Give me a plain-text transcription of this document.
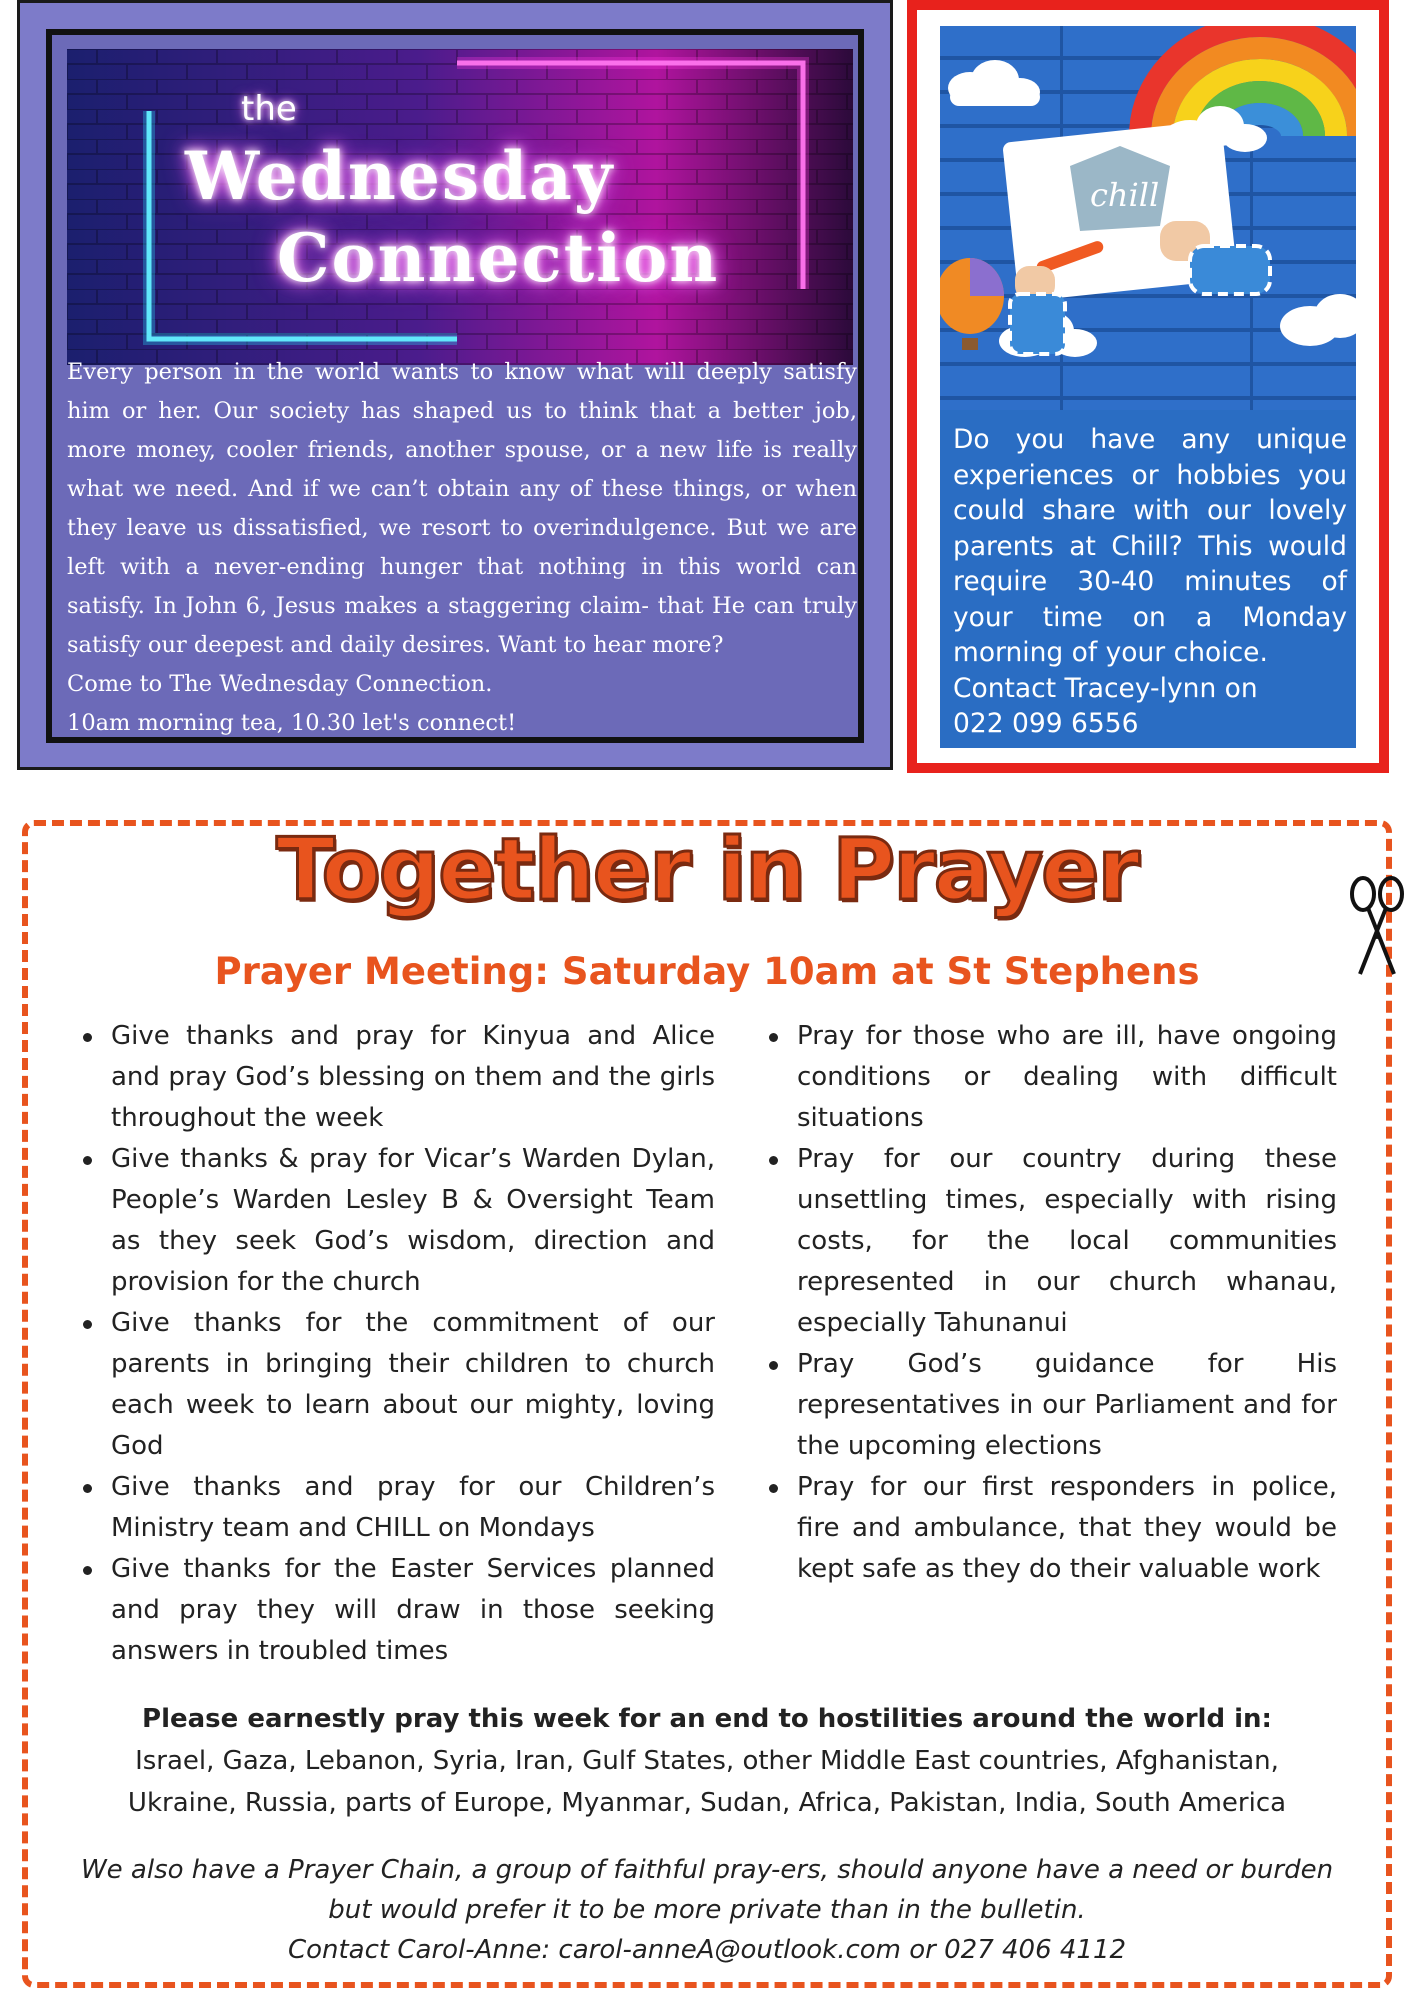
the
Wednesday
Connection

Every person in the world wants to know what will deeply satisfy him or her. Our society has shaped us to think that a better job, more money, cooler friends, another spouse, or a new life is really what we need. And if we can’t obtain any of these things, or when they leave us dissatisfied, we resort to overindulgence. But we are left with a never-ending hunger that nothing in this world can satisfy. In John 6, Jesus makes a staggering claim- that He can truly satisfy our deepest and daily desires. Want to hear more?

Come to The Wednesday Connection.

10am morning tea, 10.30 let's connect!

chill

Do you have any unique experiences or hobbies you could share with our lovely parents at Chill? This would require 30-40 minutes of your time on a Monday morning of your choice.

Contact Tracey-lynn on

022 099 6556

Together in Prayer
Prayer Meeting: Saturday 10am at St Stephens
Give thanks and pray for Kinyua and Alice and pray God’s blessing on them and the girls throughout the week
Give thanks & pray for Vicar’s Warden Dylan, People’s Warden Lesley B & Oversight Team as they seek God’s wisdom, direction and provision for the church
Give thanks for the commitment of our parents in bringing their children to church each week to learn about our mighty, loving God
Give thanks and pray for our Children’s Ministry team and CHILL on Mondays
Give thanks for the Easter Services planned and pray they will draw in those seeking answers in troubled times
Pray for those who are ill, have ongoing conditions or dealing with difficult situations
Pray for our country during these unsettling times, especially with rising costs, for the local communities represented in our church whanau, especially Tahunanui
Pray God’s guidance for His representatives in our Parliament and for the upcoming elections
Pray for our first responders in police, fire and ambulance, that they would be kept safe as they do their valuable work
Please earnestly pray this week for an end to hostilities around the world in:
Israel, Gaza, Lebanon, Syria, Iran, Gulf States, other Middle East countries, Afghanistan,
Ukraine, Russia, parts of Europe, Myanmar, Sudan, Africa, Pakistan, India, South America
We also have a Prayer Chain, a group of faithful pray-ers, should anyone have a need or burden
but would prefer it to be more private than in the bulletin.
Contact Carol-Anne: carol-anneA@outlook.com or 027 406 4112
